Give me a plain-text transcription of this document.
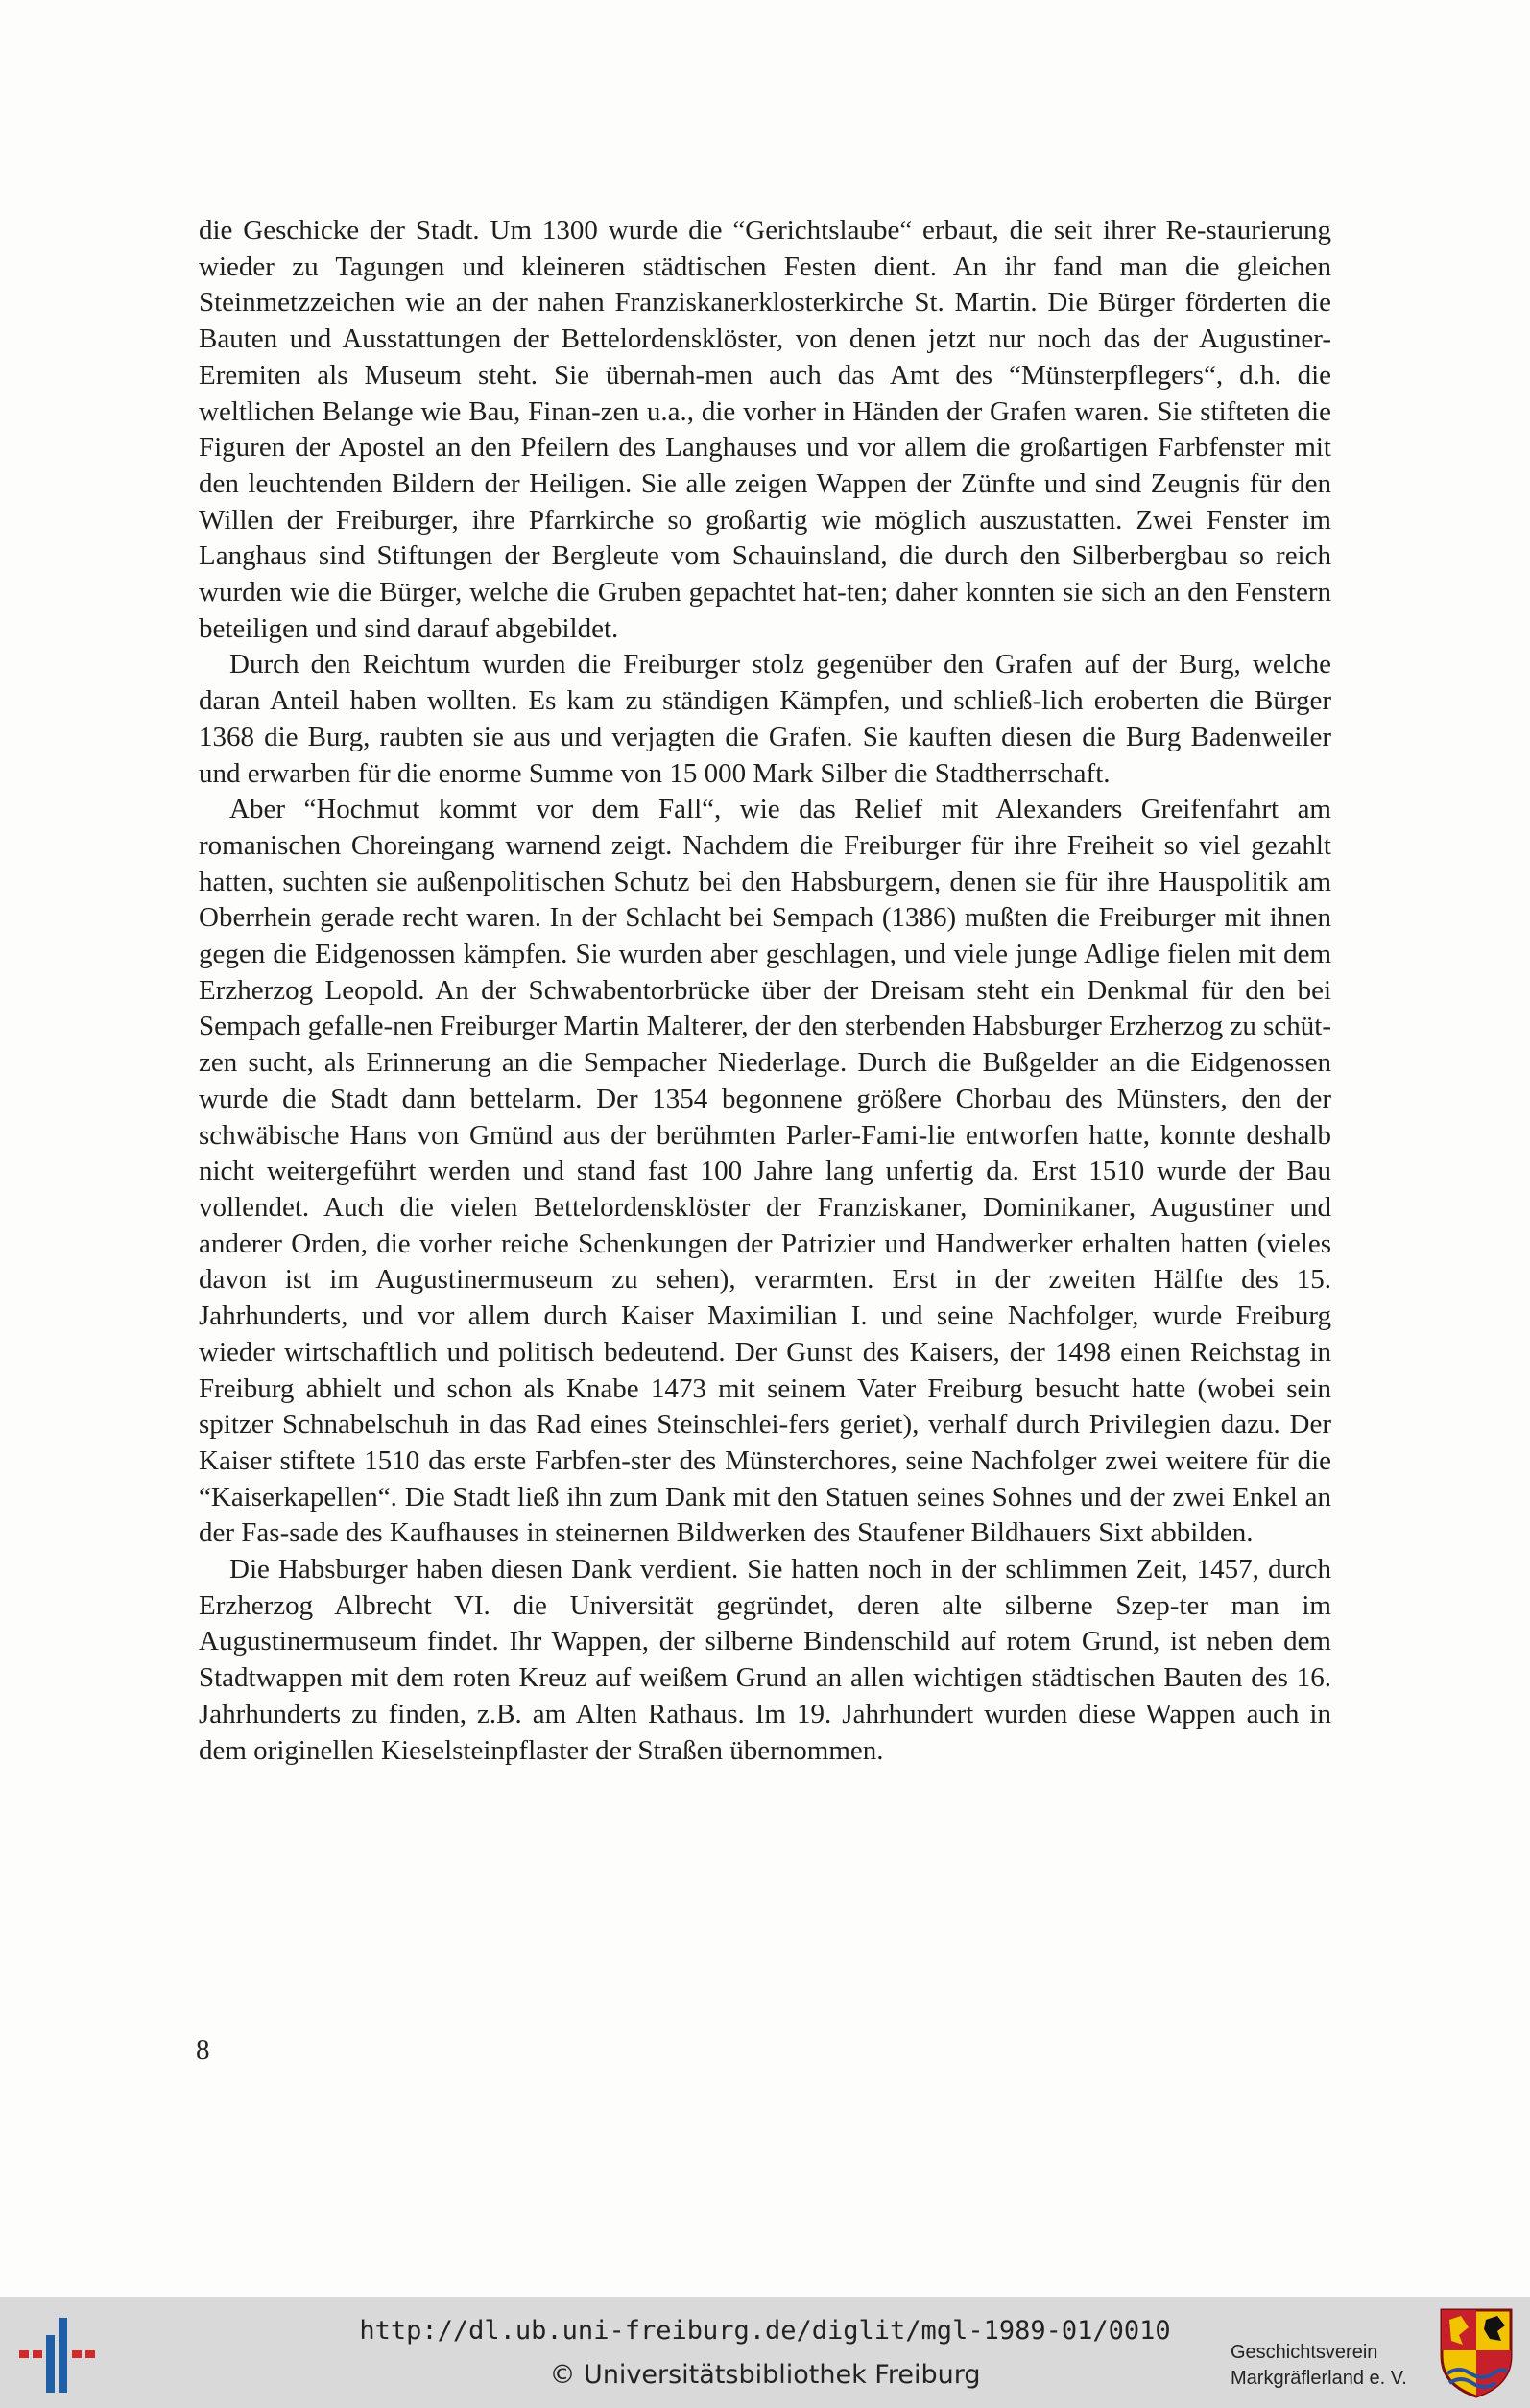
die Geschicke der Stadt. Um 1300 wurde die “Gerichtslaube“ erbaut, die seit ihrer Re-staurierung wieder zu Tagungen und kleineren städtischen Festen dient. An ihr fand man die gleichen Steinmetzzeichen wie an der nahen Franziskanerklosterkirche St. Martin. Die Bürger förderten die Bauten und Ausstattungen der Bettelordensklöster, von denen jetzt nur noch das der Augustiner-Eremiten als Museum steht. Sie übernah-men auch das Amt des “Münsterpflegers“, d.h. die weltlichen Belange wie Bau, Finan-zen u.a., die vorher in Händen der Grafen waren. Sie stifteten die Figuren der Apostel an den Pfeilern des Langhauses und vor allem die großartigen Farbfenster mit den leuchtenden Bildern der Heiligen. Sie alle zeigen Wappen der Zünfte und sind Zeugnis für den Willen der Freiburger, ihre Pfarrkirche so großartig wie möglich auszustatten. Zwei Fenster im Langhaus sind Stiftungen der Bergleute vom Schauinsland, die durch den Silberbergbau so reich wurden wie die Bürger, welche die Gruben gepachtet hat-ten; daher konnten sie sich an den Fenstern beteiligen und sind darauf abgebildet.

Durch den Reichtum wurden die Freiburger stolz gegenüber den Grafen auf der Burg, welche daran Anteil haben wollten. Es kam zu ständigen Kämpfen, und schließ-lich eroberten die Bürger 1368 die Burg, raubten sie aus und verjagten die Grafen. Sie kauften diesen die Burg Badenweiler und erwarben für die enorme Summe von 15 000 Mark Silber die Stadtherrschaft.

Aber “Hochmut kommt vor dem Fall“, wie das Relief mit Alexanders Greifenfahrt am romanischen Choreingang warnend zeigt. Nachdem die Freiburger für ihre Freiheit so viel gezahlt hatten, suchten sie außenpolitischen Schutz bei den Habsburgern, denen sie für ihre Hauspolitik am Oberrhein gerade recht waren. In der Schlacht bei Sempach (1386) mußten die Freiburger mit ihnen gegen die Eidgenossen kämpfen. Sie wurden aber geschlagen, und viele junge Adlige fielen mit dem Erzherzog Leopold. An der Schwabentorbrücke über der Dreisam steht ein Denkmal für den bei Sempach gefalle-nen Freiburger Martin Malterer, der den sterbenden Habsburger Erzherzog zu schüt-zen sucht, als Erinnerung an die Sempacher Niederlage. Durch die Bußgelder an die Eidgenossen wurde die Stadt dann bettelarm. Der 1354 begonnene größere Chorbau des Münsters, den der schwäbische Hans von Gmünd aus der berühmten Parler-Fami-lie entworfen hatte, konnte deshalb nicht weitergeführt werden und stand fast 100 Jahre lang unfertig da. Erst 1510 wurde der Bau vollendet. Auch die vielen Bettelordensklöster der Franziskaner, Dominikaner, Augustiner und anderer Orden, die vorher reiche Schenkungen der Patrizier und Handwerker erhalten hatten (vieles davon ist im Augustinermuseum zu sehen), verarmten. Erst in der zweiten Hälfte des 15. Jahrhunderts, und vor allem durch Kaiser Maximilian I. und seine Nachfolger, wurde Freiburg wieder wirtschaftlich und politisch bedeutend. Der Gunst des Kaisers, der 1498 einen Reichstag in Freiburg abhielt und schon als Knabe 1473 mit seinem Vater Freiburg besucht hatte (wobei sein spitzer Schnabelschuh in das Rad eines Steinschlei-fers geriet), verhalf durch Privilegien dazu. Der Kaiser stiftete 1510 das erste Farbfen-ster des Münsterchores, seine Nachfolger zwei weitere für die “Kaiserkapellen“. Die Stadt ließ ihn zum Dank mit den Statuen seines Sohnes und der zwei Enkel an der Fas-sade des Kaufhauses in steinernen Bildwerken des Staufener Bildhauers Sixt abbilden.

Die Habsburger haben diesen Dank verdient. Sie hatten noch in der schlimmen Zeit, 1457, durch Erzherzog Albrecht VI. die Universität gegründet, deren alte silberne Szep-ter man im Augustinermuseum findet. Ihr Wappen, der silberne Bindenschild auf rotem Grund, ist neben dem Stadtwappen mit dem roten Kreuz auf weißem Grund an allen wichtigen städtischen Bauten des 16. Jahrhunderts zu finden, z.B. am Alten Rathaus. Im 19. Jahrhundert wurden diese Wappen auch in dem originellen Kieselsteinpflaster der Straßen übernommen.

8
http://dl.ub.uni-freiburg.de/diglit/mgl-1989-01/0010
© Universitätsbibliothek Freiburg
Geschichtsverein
Markgräflerland e. V.
